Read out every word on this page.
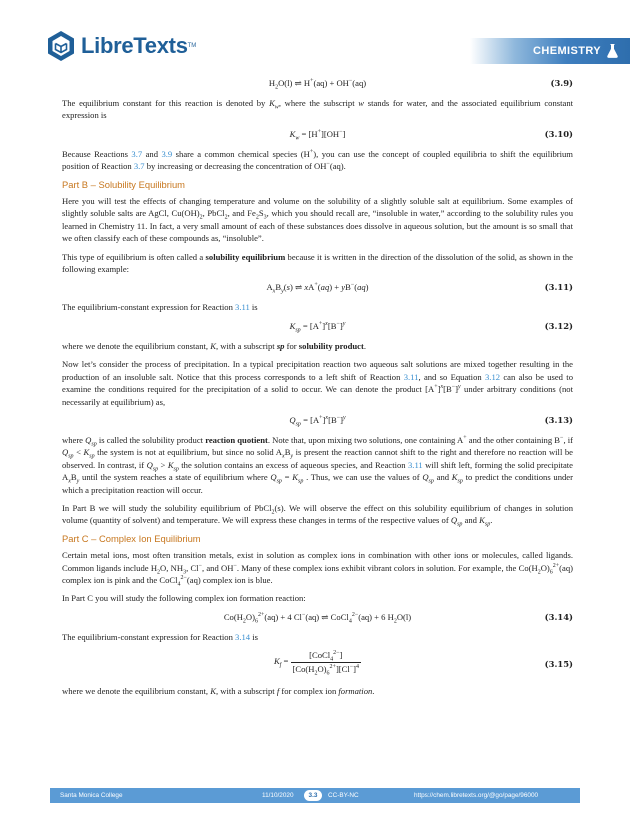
LibreTexts TM	CHEMISTRY
$H_2O(l)$ ⇌ H+(aq) + OH−(aq)	(3.9)

The equilibrium constant for this reaction is denoted by $K_w$, where the subscript w stands for water, and the associated equilibrium constant expression is

$K_w = [H^+][OH^-]$	(3.10)

Because Reactions 3.7 and 3.9 share a common chemical species (H+), you can use the concept of coupled equilibria to shift the equilibrium position of Reaction 3.7 by increasing or decreasing the concentration of OH−(aq).

Part B – Solubility Equilibrium

Here you will test the effects of changing temperature and volume on the solubility of a slightly soluble salt at equilibrium. Some examples of slightly soluble salts are AgCl, $Cu(OH)_2$, PbCl$_2$, and $Fe_2S_3$, which you should recall are, “insoluble in water,” according to the solubility rules you learned in Chemistry 11. In fact, a very small amount of each of these substances does dissolve in aqueous solution, but the amount is so small that we often classify each of these compounds as, “insoluble”.

This type of equilibrium is often called a solubility equilibrium because it is written in the direction of the dissolution of the solid, as shown in the following example:

$A_xB_y(s)$ ⇌ xA+(aq) + yB−(aq)	(3.11)

The equilibrium-constant expression for Reaction 3.11 is

$K_{sp} = [A^+]^x[B^-]^y$	(3.12)

where we denote the equilibrium constant, K, with a subscript sp for solubility product.

Now let’s consider the process of precipitation. In a typical precipitation reaction two aqueous salt solutions are mixed together resulting in the production of an insoluble salt. Notice that this process corresponds to a left shift of Reaction 3.11, and so Equation 3.12 can also be used to examine the conditions required for the precipitation of a solid to occur. We can denote the product $[A^+]^x[B^-]^y$ under arbitrary conditions (not necessarily at equilibrium) as,

$Q_{sp} = [A^+]^x[B^-]^y$	(3.13)

where $Q_{sp}$ is called the solubility product reaction quotient. Note that, upon mixing two solutions, one containing A+ and the other containing B−, if $Q_{sp} < K_{sp}$ the system is not at equilibrium, but since no solid $A_xB_y$ is present the reaction cannot shift to the right and therefore no reaction will be observed. In contrast, if $Q_{sp} > K_{sp}$ the solution contains an excess of aqueous species, and Reaction 3.11 will shift left, forming the solid precipitate $A_xB_y$ until the system reaches a state of equilibrium where $Q_{sp} = K_{sp}$ . Thus, we can use the values of $Q_{sp}$ and $K_{sp}$ to predict the conditions under which a precipitation reaction will occur.

In Part B we will study the solubility equilibrium of PbCl$_2$(s). We will observe the effect on this solubility equilibrium of changes in solution volume (quantity of solvent) and temperature. We will express these changes in terms of the respective values of $Q_{sp}$ and $K_{sp}$.

Part C – Complex Ion Equilibrium

Certain metal ions, most often transition metals, exist in solution as complex ions in combination with other ions or molecules, called ligands. Common ligands include $H_2O$, $NH_3$, Cl−, and OH−. Many of these complex ions exhibit vibrant colors in solution. For example, the $Co(H_2O)_6^{2+}(aq)$ complex ion is pink and the CoCl$_4^{2-}$(aq) complex ion is blue.

In Part C you will study the following complex ion formation reaction:

$Co(H_2O)_6^{2+}(aq) + 4$ Cl−(aq) ⇌ CoCl$_4^{2-}$(aq) + 6 $H_2O(l)$	(3.14)

The equilibrium-constant expression for Reaction 3.14 is

$K_f = \frac{[CoCl_4^{2-}]}{[Co(H_2O)_6^{2+}][Cl^-]^4}$	(3.15)

where we denote the equilibrium constant, K, with a subscript f for complex ion formation.

Santa Monica College	11/10/2020	3.3	CC-BY-NC	https://chem.libretexts.org/@go/page/96000
